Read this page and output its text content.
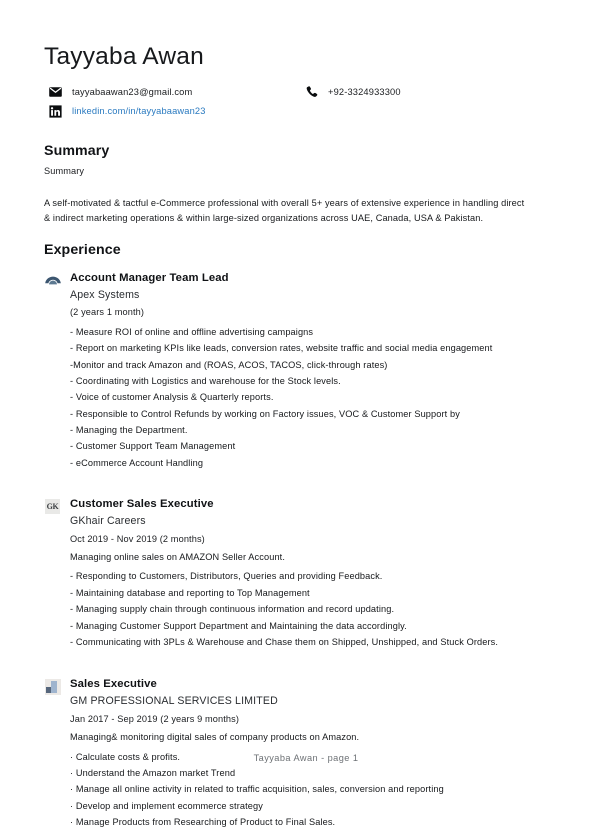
Tayyaba Awan
tayyabaawan23@gmail.com	+92-3324933300
linkedin.com/in/tayyabaawan23
Summary
Summary
A self-motivated & tactful e-Commerce professional with overall 5+ years of extensive experience in handling direct
& indirect marketing operations & within large-sized organizations across UAE, Canada, USA & Pakistan.
Experience
Account Manager Team Lead
Apex Systems
(2 years 1 month)
- Measure ROI of online and offline advertising campaigns
- Report on marketing KPIs like leads, conversion rates, website traffic and social media engagement
-Monitor and track Amazon and (ROAS, ACOS, TACOS, click-through rates)
- Coordinating with Logistics and warehouse for the Stock levels.
- Voice of customer Analysis & Quarterly reports.
- Responsible to Control Refunds by working on Factory issues, VOC & Customer Support by
- Managing the Department.
- Customer Support Team Management
- eCommerce Account Handling
GK Customer Sales Executive
GKhair Careers
Oct 2019 - Nov 2019 (2 months)
Managing online sales on AMAZON Seller Account.
- Responding to Customers, Distributors, Queries and providing Feedback.
- Maintaining database and reporting to Top Management
- Managing supply chain through continuous information and record updating.
- Managing Customer Support Department and Maintaining the data accordingly.
- Communicating with 3PLs & Warehouse and Chase them on Shipped, Unshipped, and Stuck Orders.
Sales Executive
GM PROFESSIONAL SERVICES LIMITED
Jan 2017 - Sep 2019 (2 years 9 months)
Managing& monitoring digital sales of company products on Amazon.
· Calculate costs & profits.
· Understand the Amazon market Trend
· Manage all online activity in related to traffic acquisition, sales, conversion and reporting
· Develop and implement ecommerce strategy
· Manage Products from Researching of Product to Final Sales.
Tayyaba Awan - page 1
